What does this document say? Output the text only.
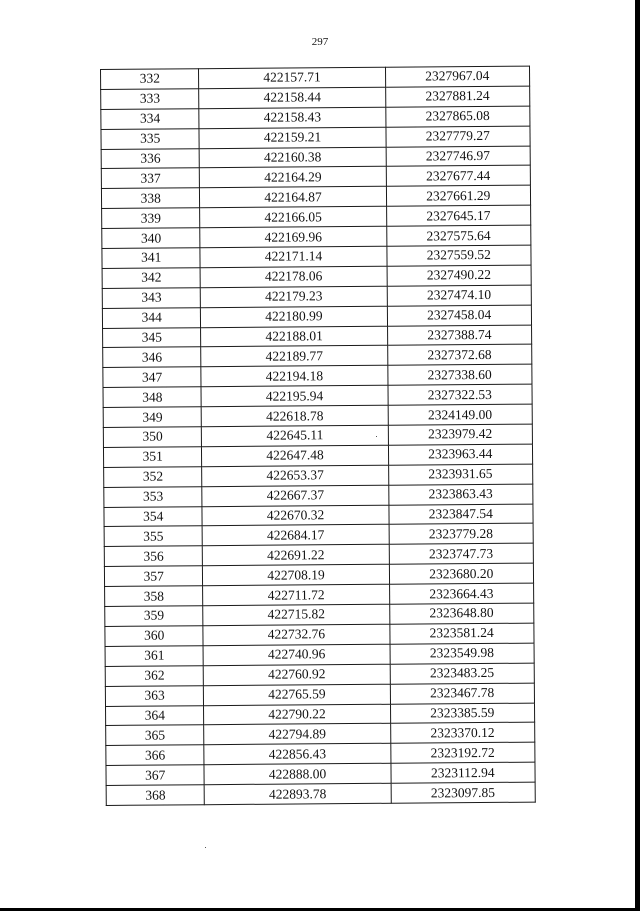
297
332	422157.71	2327967.04
333	422158.44	2327881.24
334	422158.43	2327865.08
335	422159.21	2327779.27
336	422160.38	2327746.97
337	422164.29	2327677.44
338	422164.87	2327661.29
339	422166.05	2327645.17
340	422169.96	2327575.64
341	422171.14	2327559.52
342	422178.06	2327490.22
343	422179.23	2327474.10
344	422180.99	2327458.04
345	422188.01	2327388.74
346	422189.77	2327372.68
347	422194.18	2327338.60
348	422195.94	2327322.53
349	422618.78	2324149.00
350	422645.11	2323979.42
351	422647.48	2323963.44
352	422653.37	2323931.65
353	422667.37	2323863.43
354	422670.32	2323847.54
355	422684.17	2323779.28
356	422691.22	2323747.73
357	422708.19	2323680.20
358	422711.72	2323664.43
359	422715.82	2323648.80
360	422732.76	2323581.24
361	422740.96	2323549.98
362	422760.92	2323483.25
363	422765.59	2323467.78
364	422790.22	2323385.59
365	422794.89	2323370.12
366	422856.43	2323192.72
367	422888.00	2323112.94
368	422893.78	2323097.85
